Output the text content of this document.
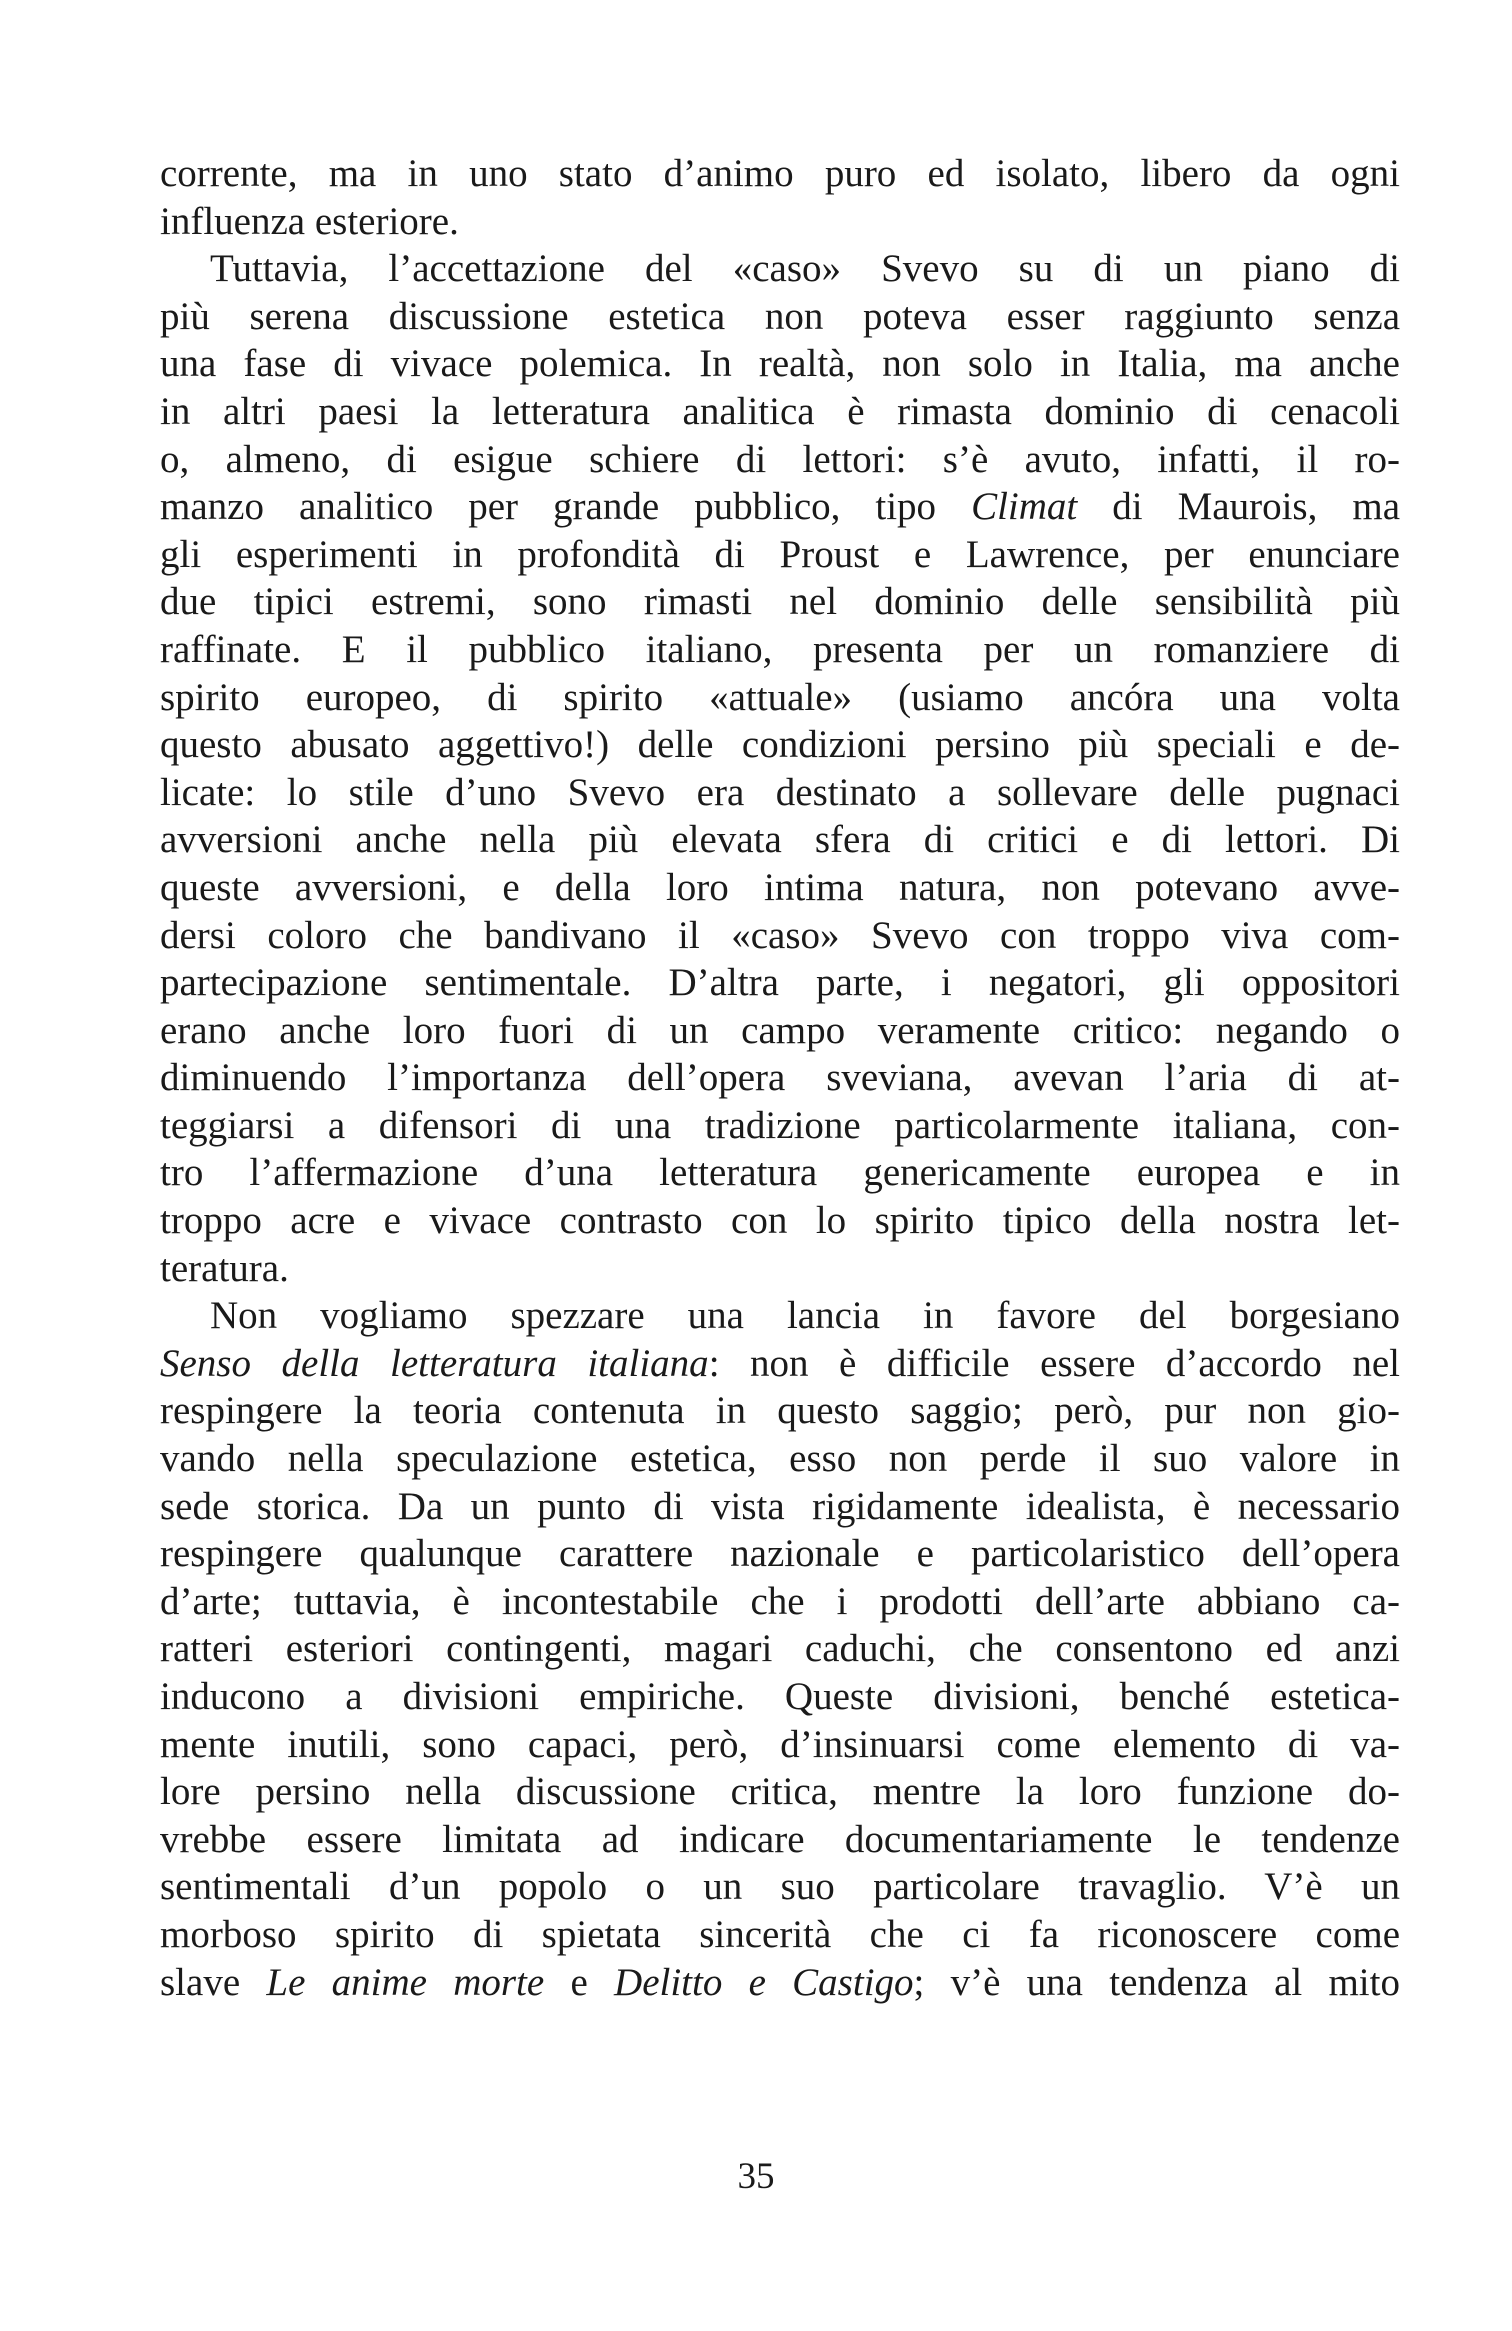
corrente, ma in uno stato d’animo puro ed isolato, libero da ogni
influenza esteriore.
Tuttavia, l’accettazione del «caso» Svevo su di un piano di
più serena discussione estetica non poteva esser raggiunto senza
una fase di vivace polemica. In realtà, non solo in Italia, ma anche
in altri paesi la letteratura analitica è rimasta dominio di cenacoli
o, almeno, di esigue schiere di lettori: s’è avuto, infatti, il ro-
manzo analitico per grande pubblico, tipo Climat di Maurois, ma
gli esperimenti in profondità di Proust e Lawrence, per enunciare
due tipici estremi, sono rimasti nel dominio delle sensibilità più
raffinate. E il pubblico italiano, presenta per un romanziere di
spirito europeo, di spirito «attuale» (usiamo ancóra una volta
questo abusato aggettivo!) delle condizioni persino più speciali e de-
licate: lo stile d’uno Svevo era destinato a sollevare delle pugnaci
avversioni anche nella più elevata sfera di critici e di lettori. Di
queste avversioni, e della loro intima natura, non potevano avve-
dersi coloro che bandivano il «caso» Svevo con troppo viva com-
partecipazione sentimentale. D’altra parte, i negatori, gli oppositori
erano anche loro fuori di un campo veramente critico: negando o
diminuendo l’importanza dell’opera sveviana, avevan l’aria di at-
teggiarsi a difensori di una tradizione particolarmente italiana, con-
tro l’affermazione d’una letteratura genericamente europea e in
troppo acre e vivace contrasto con lo spirito tipico della nostra let-
teratura.
Non vogliamo spezzare una lancia in favore del borgesiano
Senso della letteratura italiana: non è difficile essere d’accordo nel
respingere la teoria contenuta in questo saggio; però, pur non gio-
vando nella speculazione estetica, esso non perde il suo valore in
sede storica. Da un punto di vista rigidamente idealista, è necessario
respingere qualunque carattere nazionale e particolaristico dell’opera
d’arte; tuttavia, è incontestabile che i prodotti dell’arte abbiano ca-
ratteri esteriori contingenti, magari caduchi, che consentono ed anzi
inducono a divisioni empiriche. Queste divisioni, benché estetica-
mente inutili, sono capaci, però, d’insinuarsi come elemento di va-
lore persino nella discussione critica, mentre la loro funzione do-
vrebbe essere limitata ad indicare documentariamente le tendenze
sentimentali d’un popolo o un suo particolare travaglio. V’è un
morboso spirito di spietata sincerità che ci fa riconoscere come
slave Le anime morte e Delitto e Castigo; v’è una tendenza al mito
35
